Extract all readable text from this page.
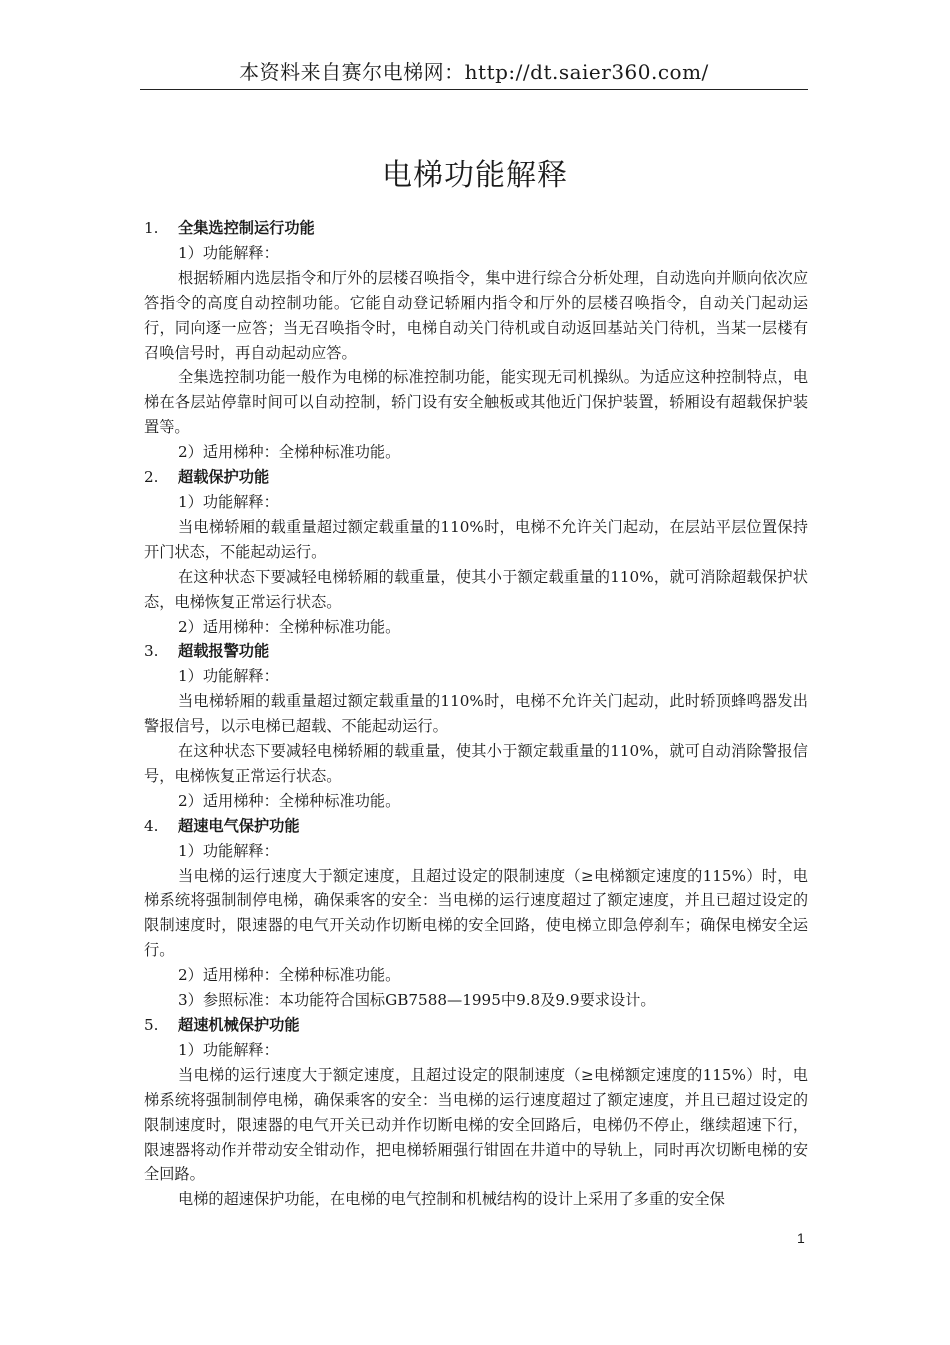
本资料来自赛尔电梯网：http://dt.saier360.com/
电梯功能解释
1. 全集选控制运行功能
1）功能解释：
根据轿厢内选层指令和厅外的层楼召唤指令，集中进行综合分析处理，自动选向并顺向依次应答指令的高度自动控制功能。它能自动登记轿厢内指令和厅外的层楼召唤指令，自动关门起动运行，同向逐一应答；当无召唤指令时，电梯自动关门待机或自动返回基站关门待机，当某一层楼有召唤信号时，再自动起动应答。
全集选控制功能一般作为电梯的标准控制功能，能实现无司机操纵。为适应这种控制特点，电梯在各层站停靠时间可以自动控制，轿门设有安全触板或其他近门保护装置，轿厢设有超载保护装置等。
2）适用梯种：全梯种标准功能。
2. 超载保护功能
1）功能解释：
当电梯轿厢的载重量超过额定载重量的110%时，电梯不允许关门起动，在层站平层位置保持开门状态，不能起动运行。
在这种状态下要减轻电梯轿厢的载重量，使其小于额定载重量的110%，就可消除超载保护状态，电梯恢复正常运行状态。
2）适用梯种：全梯种标准功能。
3. 超载报警功能
1）功能解释：
当电梯轿厢的载重量超过额定载重量的110%时，电梯不允许关门起动，此时轿顶蜂鸣器发出警报信号，以示电梯已超载、不能起动运行。
在这种状态下要减轻电梯轿厢的载重量，使其小于额定载重量的110%，就可自动消除警报信号，电梯恢复正常运行状态。
2）适用梯种：全梯种标准功能。
4. 超速电气保护功能
1）功能解释：
当电梯的运行速度大于额定速度，且超过设定的限制速度（≥电梯额定速度的115%）时，电梯系统将强制制停电梯，确保乘客的安全：当电梯的运行速度超过了额定速度，并且已超过设定的限制速度时，限速器的电气开关动作切断电梯的安全回路，使电梯立即急停刹车；确保电梯安全运行。
2）适用梯种：全梯种标准功能。
3）参照标准：本功能符合国标GB7588—1995中9.8及9.9要求设计。
5. 超速机械保护功能
1）功能解释：
当电梯的运行速度大于额定速度，且超过设定的限制速度（≥电梯额定速度的115%）时，电梯系统将强制制停电梯，确保乘客的安全：当电梯的运行速度超过了额定速度，并且已超过设定的限制速度时，限速器的电气开关已动并作切断电梯的安全回路后，电梯仍不停止，继续超速下行，限速器将动作并带动安全钳动作，把电梯轿厢强行钳固在井道中的导轨上，同时再次切断电梯的安全回路。
电梯的超速保护功能，在电梯的电气控制和机械结构的设计上采用了多重的安全保
1
